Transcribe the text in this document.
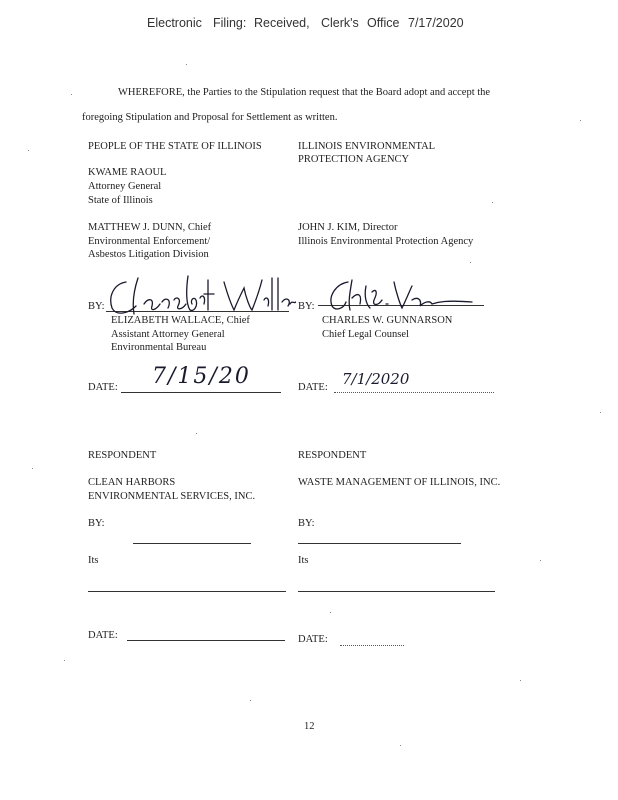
Electronic Filing: Received, Clerk's Office 7/17/2020
WHEREFORE, the Parties to the Stipulation request that the Board adopt and accept the
foregoing Stipulation and Proposal for Settlement as written.
PEOPLE OF THE STATE OF ILLINOIS
KWAME RAOUL
Attorney General
State of Illinois
MATTHEW J. DUNN, Chief
Environmental Enforcement/
Asbestos Litigation Division
BY:
ELIZABETH WALLACE, Chief
Assistant Attorney General
Environmental Bureau
DATE: 7/15/20
ILLINOIS ENVIRONMENTAL
PROTECTION AGENCY
JOHN J. KIM, Director
Illinois Environmental Protection Agency
BY:
CHARLES W. GUNNARSON
Chief Legal Counsel
DATE: 7/1/2020
RESPONDENT
CLEAN HARBORS
ENVIRONMENTAL SERVICES, INC.
BY:
Its
DATE:
RESPONDENT
WASTE MANAGEMENT OF ILLINOIS, INC.
BY:
Its
DATE:
12
